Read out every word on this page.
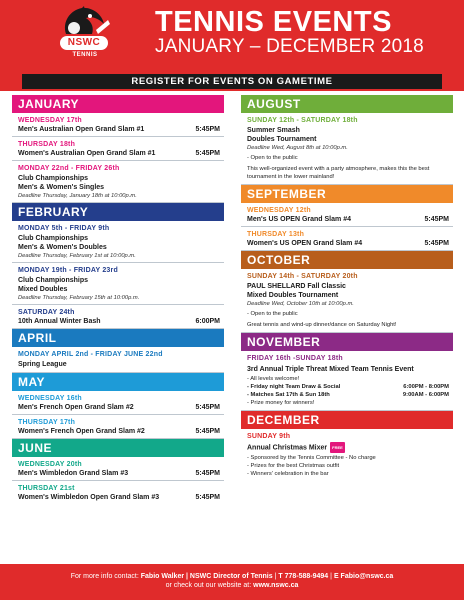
NSWC
TENNIS
TENNIS EVENTS
JANUARY – DECEMBER 2018
REGISTER FOR EVENTS ON GAMETIME
JANUARY
WEDNESDAY 17th
Men's Australian Open Grand Slam #1	5:45PM
THURSDAY 18th
Women's Australian Open Grand Slam #1	5:45PM
MONDAY 22nd - FRIDAY 26th
Club Championships
Men's & Women's Singles
Deadline Thursday, January 18th at 10:00p.m.
FEBRUARY
MONDAY 5th - FRIDAY 9th
Club Championships
Men's & Women's Doubles
Deadline Thursday, February 1st at 10:00p.m.
MONDAY 19th - FRIDAY 23rd
Club Championships
Mixed Doubles
Deadline Thursday, February 15th at 10:00p.m.
SATURDAY 24th
10th Annual Winter Bash	6:00PM
APRIL
MONDAY APRIL 2nd - FRIDAY JUNE 22nd
Spring League
MAY
WEDNESDAY 16th
Men's French Open Grand Slam #2	5:45PM
THURSDAY 17th
Women's French Open Grand Slam #2	5:45PM
JUNE
WEDNESDAY 20th
Men's Wimbledon Grand Slam #3	5:45PM
THURSDAY 21st
Women's Wimbledon Open Grand Slam #3	5:45PM
AUGUST
SUNDAY 12th - SATURDAY 18th
Summer Smash
Doubles Tournament
Deadline Wed, August 8th at 10:00p.m.
- Open to the public
This well-organized event with a party atmosphere, makes this the best tournament in the lower mainland!
SEPTEMBER
WEDNESDAY 12th
Men's US OPEN Grand Slam #4	5:45PM
THURSDAY 13th
Women's US OPEN Grand Slam #4	5:45PM
OCTOBER
SUNDAY 14th - SATURDAY 20th
PAUL SHELLARD Fall Classic
Mixed Doubles Tournament
Deadline Wed, October 10th at 10:00p.m.
- Open to the public
Great tennis and wind-up dinner/dance on Saturday Night!
NOVEMBER
FRIDAY 16th -SUNDAY 18th
3rd Annual Triple Threat Mixed Team Tennis Event
- All levels welcome!
- Friday night Team Draw & Social	6:00PM - 8:00PM
- Matches Sat 17th & Sun 18th	9:00AM - 6:00PM
- Prize money for winners!
DECEMBER
SUNDAY 9th
Annual Christmas Mixer FREE
- Sponsored by the Tennis Committee - No charge
- Prizes for the best Christmas outfit
- Winners' celebration in the bar
For more info contact: Fabio Walker | NSWC Director of Tennis | T 778-588-9494 | E Fabio@nswc.ca
or check out our website at: www.nswc.ca
